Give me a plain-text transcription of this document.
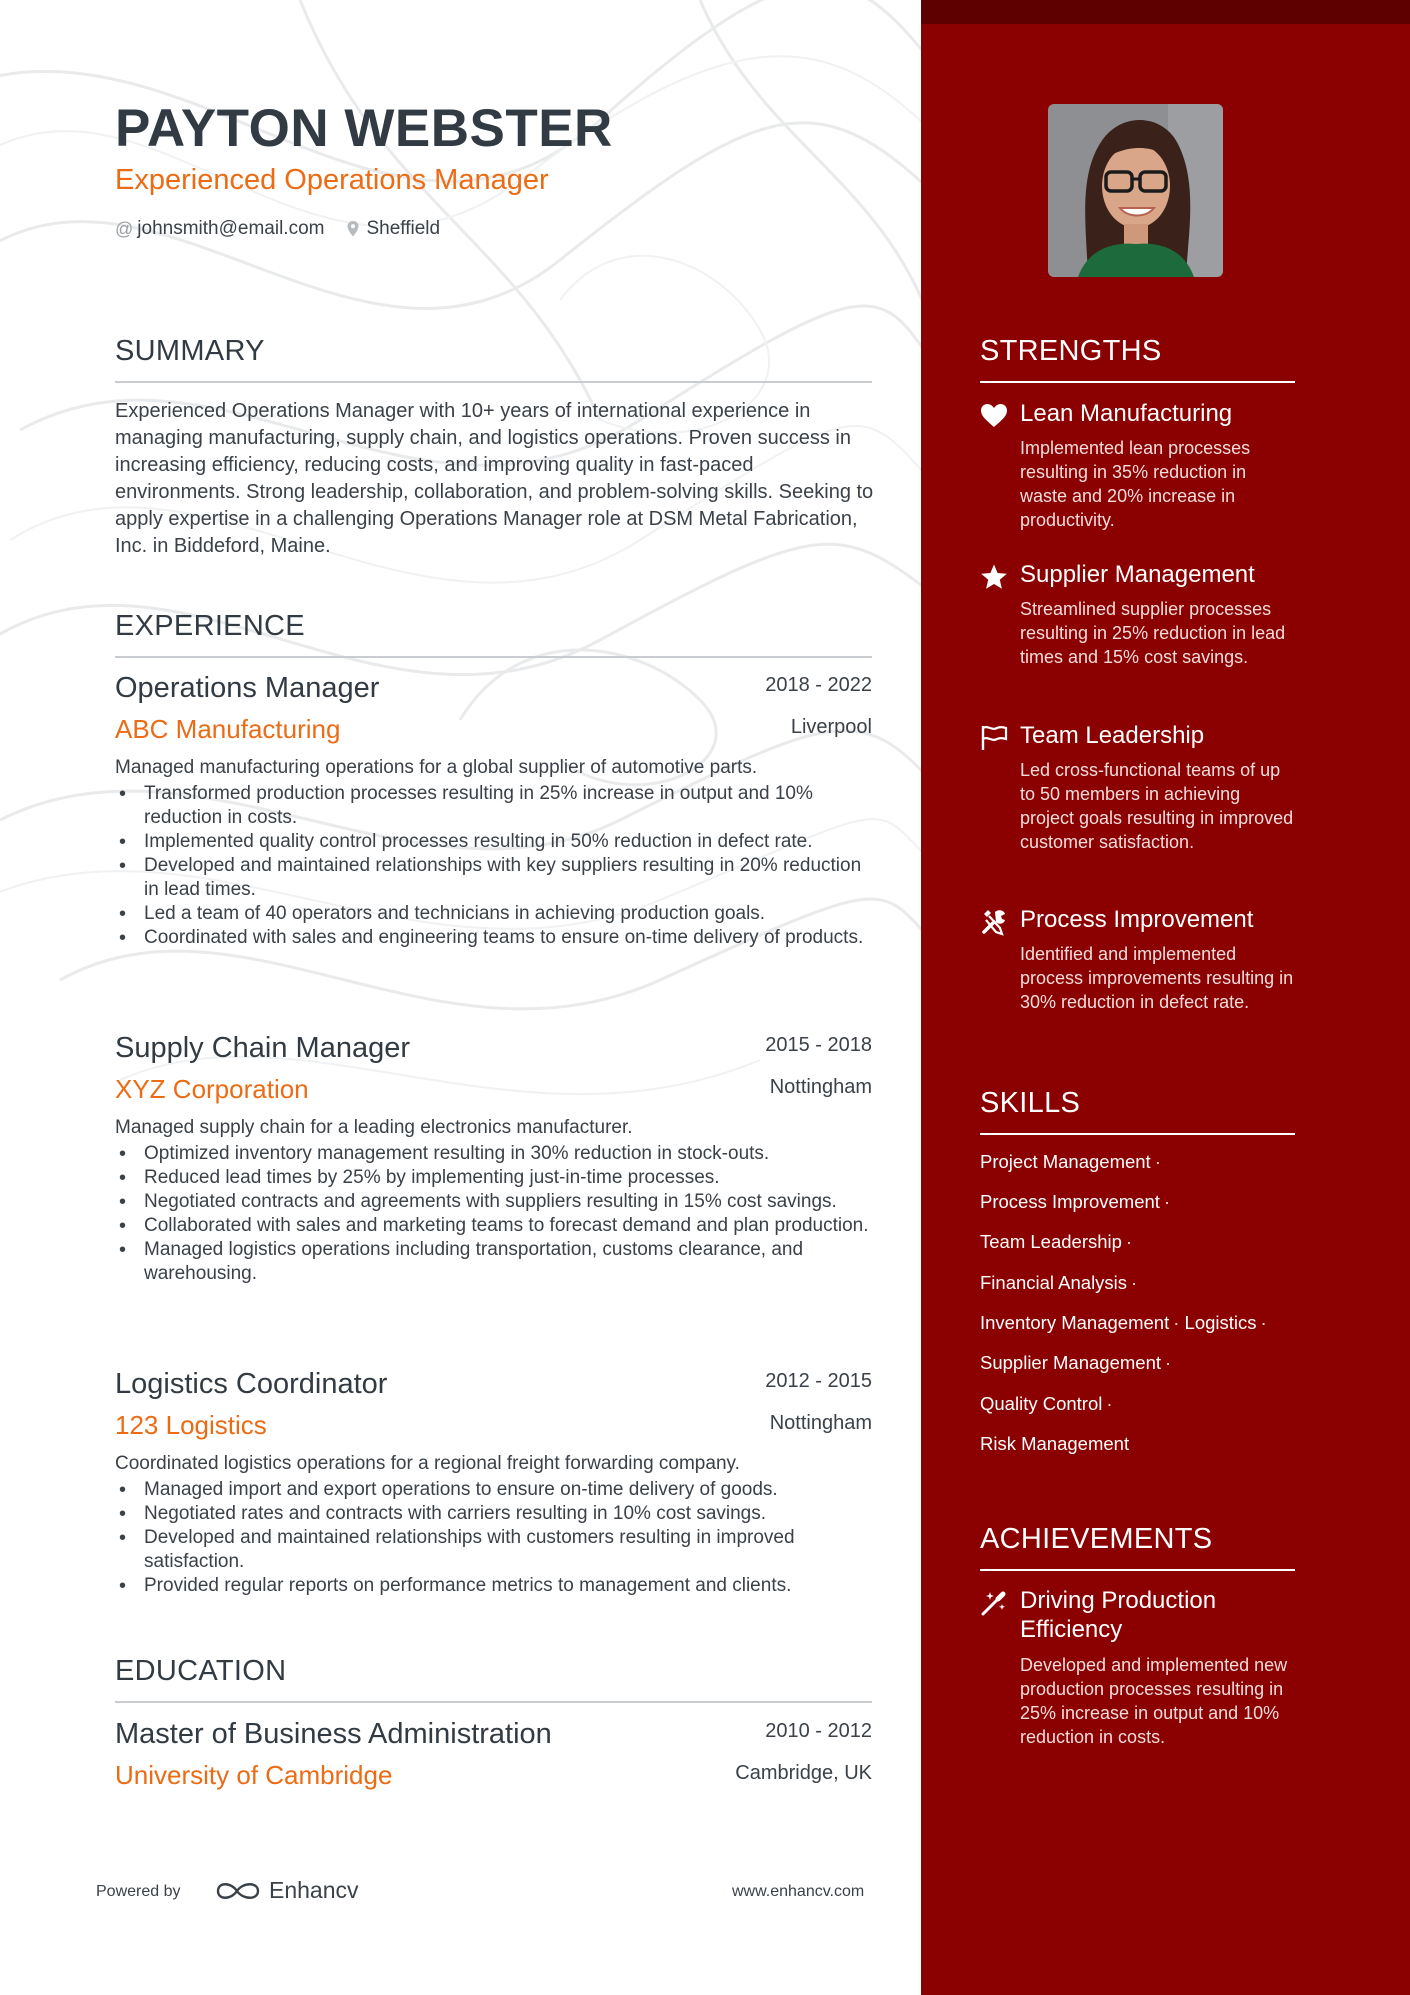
PAYTON WEBSTER
Experienced Operations Manager
@ johnsmith@email.com Sheffield
SUMMARY
Experienced Operations Manager with 10+ years of international experience in managing manufacturing, supply chain, and logistics operations. Proven success in increasing efficiency, reducing costs, and improving quality in fast-paced environments. Strong leadership, collaboration, and problem-solving skills. Seeking to apply expertise in a challenging Operations Manager role at DSM Metal Fabrication, Inc. in Biddeford, Maine.
EXPERIENCE
Operations Manager	2018 - 2022
ABC Manufacturing	Liverpool
Managed manufacturing operations for a global supplier of automotive parts.
• Transformed production processes resulting in 25% increase in output and 10% reduction in costs.
• Implemented quality control processes resulting in 50% reduction in defect rate.
• Developed and maintained relationships with key suppliers resulting in 20% reduction in lead times.
• Led a team of 40 operators and technicians in achieving production goals.
• Coordinated with sales and engineering teams to ensure on-time delivery of products.
Supply Chain Manager	2015 - 2018
XYZ Corporation	Nottingham
Managed supply chain for a leading electronics manufacturer.
• Optimized inventory management resulting in 30% reduction in stock-outs.
• Reduced lead times by 25% by implementing just-in-time processes.
• Negotiated contracts and agreements with suppliers resulting in 15% cost savings.
• Collaborated with sales and marketing teams to forecast demand and plan production.
• Managed logistics operations including transportation, customs clearance, and warehousing.
Logistics Coordinator	2012 - 2015
123 Logistics	Nottingham
Coordinated logistics operations for a regional freight forwarding company.
• Managed import and export operations to ensure on-time delivery of goods.
• Negotiated rates and contracts with carriers resulting in 10% cost savings.
• Developed and maintained relationships with customers resulting in improved satisfaction.
• Provided regular reports on performance metrics to management and clients.
EDUCATION
Master of Business Administration	2010 - 2012
University of Cambridge	Cambridge, UK
Powered by	Enhancv	www.enhancv.com
STRENGTHS
Lean Manufacturing
Implemented lean processes resulting in 35% reduction in waste and 20% increase in productivity.
Supplier Management
Streamlined supplier processes resulting in 25% reduction in lead times and 15% cost savings.
Team Leadership
Led cross-functional teams of up to 50 members in achieving project goals resulting in improved customer satisfaction.
Process Improvement
Identified and implemented process improvements resulting in 30% reduction in defect rate.
SKILLS
Project Management ·
Process Improvement ·
Team Leadership ·
Financial Analysis ·
Inventory Management · Logistics ·
Supplier Management ·
Quality Control ·
Risk Management
ACHIEVEMENTS
Driving Production Efficiency
Developed and implemented new production processes resulting in 25% increase in output and 10% reduction in costs.
